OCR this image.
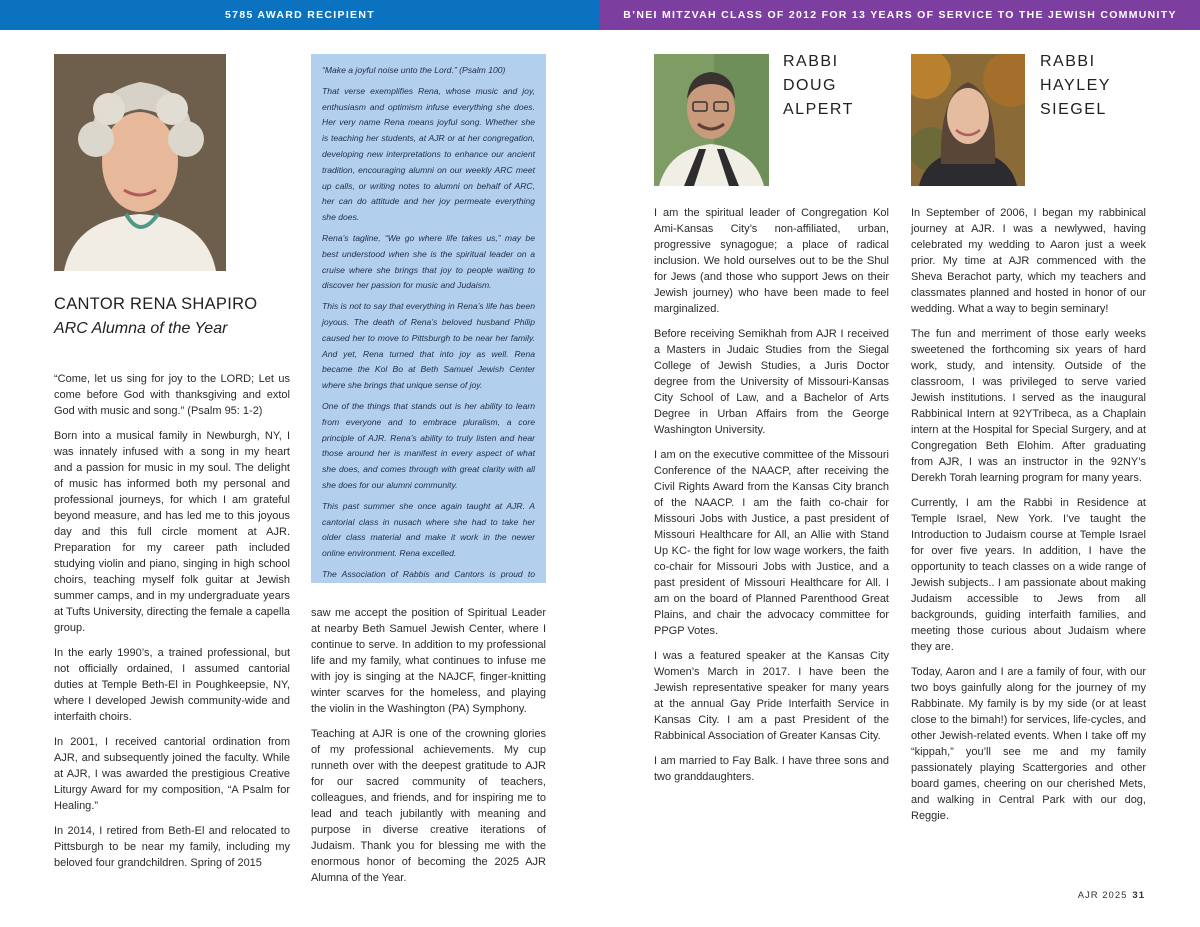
5785 AWARD RECIPIENT	B’NEI MITZVAH CLASS OF 2012 FOR 13 YEARS OF SERVICE TO THE JEWISH COMMUNITY
CANTOR RENA SHAPIRO
ARC Alumna of the Year

“Come, let us sing for joy to the LORD; Let us come before God with thanksgiving and extol God with music and song.” (Psalm 95: 1-2)

Born into a musical family in Newburgh, NY, I was innately infused with a song in my heart and a passion for music in my soul. The delight of music has informed both my personal and professional journeys, for which I am grateful beyond measure, and has led me to this joyous day and this full circle moment at AJR. Preparation for my career path included studying violin and piano, singing in high school choirs, teaching myself folk guitar at Jewish summer camps, and in my undergraduate years at Tufts University, directing the female a capella group.

In the early 1990’s, a trained professional, but not officially ordained, I assumed cantorial duties at Temple Beth-El in Poughkeepsie, NY, where I developed Jewish community-wide and interfaith choirs.

In 2001, I received cantorial ordination from AJR, and subsequently joined the faculty. While at AJR, I was awarded the prestigious Creative Liturgy Award for my composition, “A Psalm for Healing.”

In 2014, I retired from Beth-El and relocated to Pittsburgh to be near my family, including my beloved four grandchildren. Spring of 2015

“Make a joyful noise unto the Lord.” (Psalm 100)

That verse exemplifies Rena, whose music and joy, enthusiasm and optimism infuse everything she does. Her very name Rena means joyful song. Whether she is teaching her students, at AJR or at her congregation, developing new interpretations to enhance our ancient tradition, encouraging alumni on our weekly ARC meet up calls, or writing notes to alumni on behalf of ARC, her can do attitude and her joy permeate everything she does.

Rena’s tagline, “We go where life takes us,” may be best understood when she is the spiritual leader on a cruise where she brings that joy to people waiting to discover her passion for music and Judaism.

This is not to say that everything in Rena’s life has been joyous. The death of Rena’s beloved husband Philip caused her to move to Pittsburgh to be near her family. And yet, Rena turned that into joy as well. Rena became the Kol Bo at Beth Samuel Jewish Center where she brings that unique sense of joy.

One of the things that stands out is her ability to learn from everyone and to embrace pluralism, a core principle of AJR. Rena’s ability to truly listen and hear those around her is manifest in every aspect of what she does, and comes through with great clarity with all she does for our alumni community.

This past summer she once again taught at AJR. A cantorial class in nusach where she had to take her older class material and make it work in the newer online environment. Rena excelled.

The Association of Rabbis and Cantors is proud to

saw me accept the position of Spiritual Leader at nearby Beth Samuel Jewish Center, where I continue to serve. In addition to my professional life and my family, what continues to infuse me with joy is singing at the NAJCF, finger-knitting winter scarves for the homeless, and playing the violin in the Washington (PA) Symphony.

Teaching at AJR is one of the crowning glories of my professional achievements. My cup runneth over with the deepest gratitude to AJR for our sacred community of teachers, colleagues, and friends, and for inspiring me to lead and teach jubilantly with meaning and purpose in diverse creative iterations of Judaism. Thank you for blessing me with the enormous honor of becoming the 2025 AJR Alumna of the Year.

RABBI
DOUG
ALPERT

I am the spiritual leader of Congregation Kol Ami-Kansas City’s non-affiliated, urban, progressive synagogue; a place of radical inclusion. We hold ourselves out to be the Shul for Jews (and those who support Jews on their Jewish journey) who have been made to feel marginalized.

Before receiving Semikhah from AJR I received a Masters in Judaic Studies from the Siegal College of Jewish Studies, a Juris Doctor degree from the University of Missouri-Kansas City School of Law, and a Bachelor of Arts Degree in Urban Affairs from the George Washington University.

I am on the executive committee of the Missouri Conference of the NAACP, after receiving the Civil Rights Award from the Kansas City branch of the NAACP. I am the faith co-chair for Missouri Jobs with Justice, a past president of Missouri Healthcare for All, an Allie with Stand Up KC- the fight for low wage workers, the faith co-chair for Missouri Jobs with Justice, and a past president of Missouri Healthcare for All. I am on the board of Planned Parenthood Great Plains, and chair the advocacy committee for PPGP Votes.

I was a featured speaker at the Kansas City Women’s March in 2017. I have been the Jewish representative speaker for many years at the annual Gay Pride Interfaith Service in Kansas City. I am a past President of the Rabbinical Association of Greater Kansas City.

I am married to Fay Balk. I have three sons and two granddaughters.

RABBI
HAYLEY
SIEGEL

In September of 2006, I began my rabbinical journey at AJR. I was a newlywed, having celebrated my wedding to Aaron just a week prior. My time at AJR commenced with the Sheva Berachot party, which my teachers and classmates planned and hosted in honor of our wedding. What a way to begin seminary!

The fun and merriment of those early weeks sweetened the forthcoming six years of hard work, study, and intensity. Outside of the classroom, I was privileged to serve varied Jewish institutions. I served as the inaugural Rabbinical Intern at 92YTribeca, as a Chaplain intern at the Hospital for Special Surgery, and at Congregation Beth Elohim. After graduating from AJR, I was an instructor in the 92NY’s Derekh Torah learning program for many years.

Currently, I am the Rabbi in Residence at Temple Israel, New York. I’ve taught the Introduction to Judaism course at Temple Israel for over five years. In addition, I have the opportunity to teach classes on a wide range of Jewish subjects.. I am passionate about making Judaism accessible to Jews from all backgrounds, guiding interfaith families, and meeting those curious about Judaism where they are.

Today, Aaron and I are a family of four, with our two boys gainfully along for the journey of my Rabbinate. My family is by my side (or at least close to the bimah!) for services, life-cycles, and other Jewish-related events. When I take off my “kippah,” you’ll see me and my family passionately playing Scattergories and other board games, cheering on our cherished Mets, and walking in Central Park with our dog, Reggie.

AJR 2025 31
